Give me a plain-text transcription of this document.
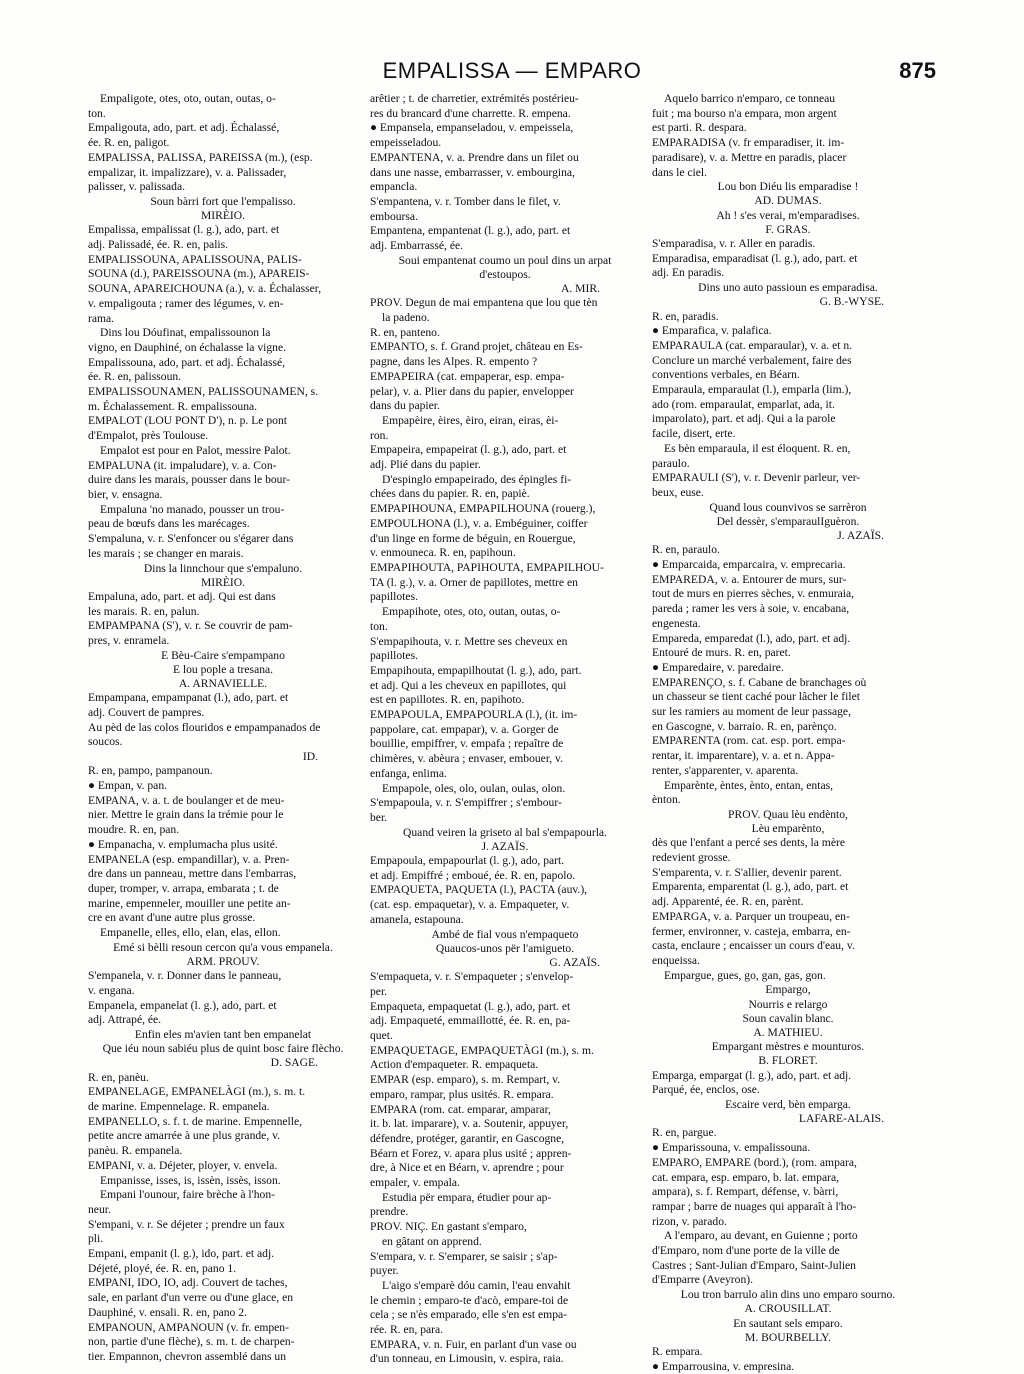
EMPALISSA — EMPARO	875

Empaligote, otes, oto, outan, outas, o-

ton.

Empaligouta, ado, part. et adj. Échalassé,

ée. R. en, paligot.

EMPALISSA, PALISSA, PAREISSA (m.), (esp.

empalizar, it. impalizzare), v. a. Palissader,

palisser, v. palissada.

Soun bàrri fort que l'empalisso.

MIRÈIO.

Empalissa, empalissat (l. g.), ado, part. et

adj. Palissadé, ée. R. en, palis.

EMPALISSOUNA, APALISSOUNA, PALIS-

SOUNA (d.), PAREISSOUNA (m.), APAREIS-

SOUNA, APAREICHOUNA (a.), v. a. Échalasser,

v. empaligouta ; ramer des légumes, v. en-

rama.

Dins lou Dóufinat, empalissounon la

vigno, en Dauphiné, on échalasse la vigne.

Empalissouna, ado, part. et adj. Échalassé,

ée. R. en, palissoun.

EMPALISSOUNAMEN, PALISSOUNAMEN, s.

m. Échalassement. R. empalissouna.

EMPALOT (LOU PONT D'), n. p. Le pont

d'Empalot, près Toulouse.

Empalot est pour en Palot, messire Palot.

EMPALUNA (it. impaludare), v. a. Con-

duire dans les marais, pousser dans le bour-

bier, v. ensagna.

Empaluna 'no manado, pousser un trou-

peau de bœufs dans les marécages.

S'empaluna, v. r. S'enfoncer ou s'égarer dans

les marais ; se changer en marais.

Dins la linnchour que s'empaluno.

MIRÈIO.

Empaluna, ado, part. et adj. Qui est dans

les marais. R. en, palun.

EMPAMPANA (S'), v. r. Se couvrir de pam-

pres, v. enramela.

E Bèu-Caire s'empampano

E lou pople a tresana.

A. ARNAVIELLE.

Empampana, empampanat (l.), ado, part. et

adj. Couvert de pampres.

Au pèd de las colos flouridos e empampanados de

soucos.

ID.

R. en, pampo, pampanoun.

● Empan, v. pan.

EMPANA, v. a. t. de boulanger et de meu-

nier. Mettre le grain dans la trémie pour le

moudre. R. en, pan.

● Empanacha, v. emplumacha plus usité.

EMPANELA (esp. empandillar), v. a. Pren-

dre dans un panneau, mettre dans l'embarras,

duper, tromper, v. arrapa, embarata ; t. de

marine, empenneler, mouiller une petite an-

cre en avant d'une autre plus grosse.

Empanelle, elles, ello, elan, elas, ellon.

Emé si bèlli resoun cercon qu'a vous empanela.

ARM. PROUV.

S'empanela, v. r. Donner dans le panneau,

v. engana.

Empanela, empanelat (l. g.), ado, part. et

adj. Attrapé, ée.

Enfin eles m'avien tant ben empanelat

Que iéu noun sabiéu plus de quint bosc faire flècho.

D. SAGE.

R. en, panèu.

EMPANELAGE, EMPANELÀGI (m.), s. m. t.

de marine. Empennelage. R. empanela.

EMPANELLO, s. f. t. de marine. Empennelle,

petite ancre amarrée à une plus grande, v.

panèu. R. empanela.

EMPANI, v. a. Déjeter, ployer, v. envela.

Empanisse, isses, is, issèn, issès, isson.

Empani l'ounour, faire brèche à l'hon-

neur.

S'empani, v. r. Se déjeter ; prendre un faux

pli.

Empani, empanit (l. g.), ido, part. et adj.

Déjeté, ployé, ée. R. en, pano 1.

EMPANI, IDO, IO, adj. Couvert de taches,

sale, en parlant d'un verre ou d'une glace, en

Dauphiné, v. ensali. R. en, pano 2.

EMPANOUN, AMPANOUN (v. fr. empen-

non, partie d'une flèche), s. m. t. de charpen-

tier. Empannon, chevron assemblé dans un

arêtier ; t. de charretier, extrémités postérieu-

res du brancard d'une charrette. R. empena.

● Empansela, empanseladou, v. empeissela,

empeisseladou.

EMPANTENA, v. a. Prendre dans un filet ou

dans une nasse, embarrasser, v. embourgina,

empancla.

S'empantena, v. r. Tomber dans le filet, v.

emboursa.

Empantena, empantenat (l. g.), ado, part. et

adj. Embarrassé, ée.

Soui empantenat coumo un poul dins un arpat

d'estoupos.

A. MIR.

PROV. Degun de mai empantena que lou que tèn

la padeno.

R. en, panteno.

EMPANTO, s. f. Grand projet, château en Es-

pagne, dans les Alpes. R. empento ?

EMPAPEIRA (cat. empaperar, esp. empa-

pelar), v. a. Plier dans du papier, envelopper

dans du papier.

Empapèire, èires, èiro, eiran, eiras, èi-

ron.

Empapeira, empapeirat (l. g.), ado, part. et

adj. Plié dans du papier.

D'espinglo empapeirado, des épingles fi-

chées dans du papier. R. en, papiè.

EMPAPIHOUNA, EMPAPILHOUNA (rouerg.),

EMPOULHONA (l.), v. a. Embéguiner, coiffer

d'un linge en forme de béguin, en Rouergue,

v. enmouneca. R. en, papihoun.

EMPAPIHOUTA, PAPIHOUTA, EMPAPILHOU-

TA (l. g.), v. a. Orner de papillotes, mettre en

papillotes.

Empapihote, otes, oto, outan, outas, o-

ton.

S'empapihouta, v. r. Mettre ses cheveux en

papillotes.

Empapihouta, empapilhoutat (l. g.), ado, part.

et adj. Qui a les cheveux en papillotes, qui

est en papillotes. R. en, papihoto.

EMPAPOULA, EMPAPOURLA (l.), (it. im-

pappolare, cat. empapar), v. a. Gorger de

bouillie, empiffrer, v. empafa ; repaître de

chimères, v. abèura ; envaser, embouer, v.

enfanga, enlima.

Empapole, oles, olo, oulan, oulas, olon.

S'empapoula, v. r. S'empiffrer ; s'embour-

ber.

Quand veiren la griseto al bal s'empapourla.

J. AZAÏS.

Empapoula, empapourlat (l. g.), ado, part.

et adj. Empiffré ; emboué, ée. R. en, papolo.

EMPAQUETA, PAQUETA (l.), PACTA (auv.),

(cat. esp. empaquetar), v. a. Empaqueter, v.

amanela, estapouna.

Ambé de fial vous n'empaqueto

Quaucos-unos për l'amigueto.

G. AZAÏS.

S'empaqueta, v. r. S'empaqueter ; s'envelop-

per.

Empaqueta, empaquetat (l. g.), ado, part. et

adj. Empaqueté, emmaillotté, ée. R. en, pa-

quet.

EMPAQUETAGE, EMPAQUETÀGI (m.), s. m.

Action d'empaqueter. R. empaqueta.

EMPAR (esp. emparo), s. m. Rempart, v.

emparo, rampar, plus usités. R. empara.

EMPARA (rom. cat. emparar, amparar,

it. b. lat. imparare), v. a. Soutenir, appuyer,

défendre, protéger, garantir, en Gascogne,

Béarn et Forez, v. apara plus usité ; appren-

dre, à Nice et en Béarn, v. aprendre ; pour

empaler, v. empala.

Estudia për empara, étudier pour ap-

prendre.

PROV. NIÇ. En gastant s'emparo,

en gâtant on apprend.

S'empara, v. r. S'emparer, se saisir ; s'ap-

puyer.

L'aigo s'emparè dóu camin, l'eau envahit

le chemin ; emparo-te d'acò, empare-toi de

cela ; se n'ès emparado, elle s'en est empa-

rée. R. en, para.

EMPARA, v. n. Fuir, en parlant d'un vase ou

d'un tonneau, en Limousin, v. espira, raia.

Aquelo barrico n'emparo, ce tonneau

fuit ; ma bourso n'a empara, mon argent

est parti. R. despara.

EMPARADISA (v. fr emparadiser, it. im-

paradisare), v. a. Mettre en paradis, placer

dans le ciel.

Lou bon Diéu lis emparadise !

AD. DUMAS.

Ah ! s'es verai, m'emparadises.

F. GRAS.

S'emparadisa, v. r. Aller en paradis.

Emparadisa, emparadisat (l. g.), ado, part. et

adj. En paradis.

Dins uno auto passioun es emparadisa.

G. B.-WYSE.

R. en, paradis.

● Emparafica, v. palafica.

EMPARAULA (cat. emparaular), v. a. et n.

Conclure un marché verbalement, faire des

conventions verbales, en Béarn.

Emparaula, emparaulat (l.), emparla (lim.),

ado (rom. emparaulat, emparlat, ada, it.

imparolato), part. et adj. Qui a la parole

facile, disert, erte.

Es bèn emparaula, il est éloquent. R. en,

paraulo.

EMPARAULI (S'), v. r. Devenir parleur, ver-

beux, euse.

Quand lous counvivos se sarrèron

Del dessèr, s'emparaulIguèron.

J. AZAÏS.

R. en, paraulo.

● Emparcaida, emparcaira, v. emprecaria.

EMPAREDA, v. a. Entourer de murs, sur-

tout de murs en pierres sèches, v. enmuraia,

pareda ; ramer les vers à soie, v. encabana,

engenesta.

Empareda, emparedat (l.), ado, part. et adj.

Entouré de murs. R. en, paret.

● Emparedaire, v. paredaire.

EMPARENÇO, s. f. Cabane de branchages où

un chasseur se tient caché pour lâcher le filet

sur les ramiers au moment de leur passage,

en Gascogne, v. barraio. R. en, parènço.

EMPARENTA (rom. cat. esp. port. empa-

rentar, it. imparentare), v. a. et n. Appa-

renter, s'apparenter, v. aparenta.

Emparènte, èntes, ènto, entan, entas,

ènton.

PROV. Quau lèu endènto,

Lèu emparènto,

dès que l'enfant a percé ses dents, la mère

redevient grosse.

S'emparenta, v. r. S'allier, devenir parent.

Emparenta, emparentat (l. g.), ado, part. et

adj. Apparenté, ée. R. en, parènt.

EMPARGA, v. a. Parquer un troupeau, en-

fermer, environner, v. casteja, embarra, en-

casta, enclaure ; encaisser un cours d'eau, v.

enqueissa.

Empargue, gues, go, gan, gas, gon.

Empargo,

Nourris e relargo

Soun cavalin blanc.

A. MATHIEU.

Empargant mèstres e mounturos.

B. FLORET.

Emparga, empargat (l. g.), ado, part. et adj.

Parqué, ée, enclos, ose.

Escaire verd, bèn emparga.

LAFARE-ALAIS.

R. en, pargue.

● Emparissouna, v. empalissouna.

EMPARO, EMPARE (bord.), (rom. ampara,

cat. empara, esp. emparo, b. lat. empara,

ampara), s. f. Rempart, défense, v. bàrri,

rampar ; barre de nuages qui apparaît à l'ho-

rizon, v. parado.

A l'emparo, au devant, en Guienne ; porto

d'Emparo, nom d'une porte de la ville de

Castres ; Sant-Julian d'Emparo, Saint-Julien

d'Emparre (Aveyron).

Lou tron barrulo alin dins uno emparo sourno.

A. CROUSILLAT.

En sautant sels emparo.

M. BOURBELLY.

R. empara.

● Emparrousina, v. empresina.
